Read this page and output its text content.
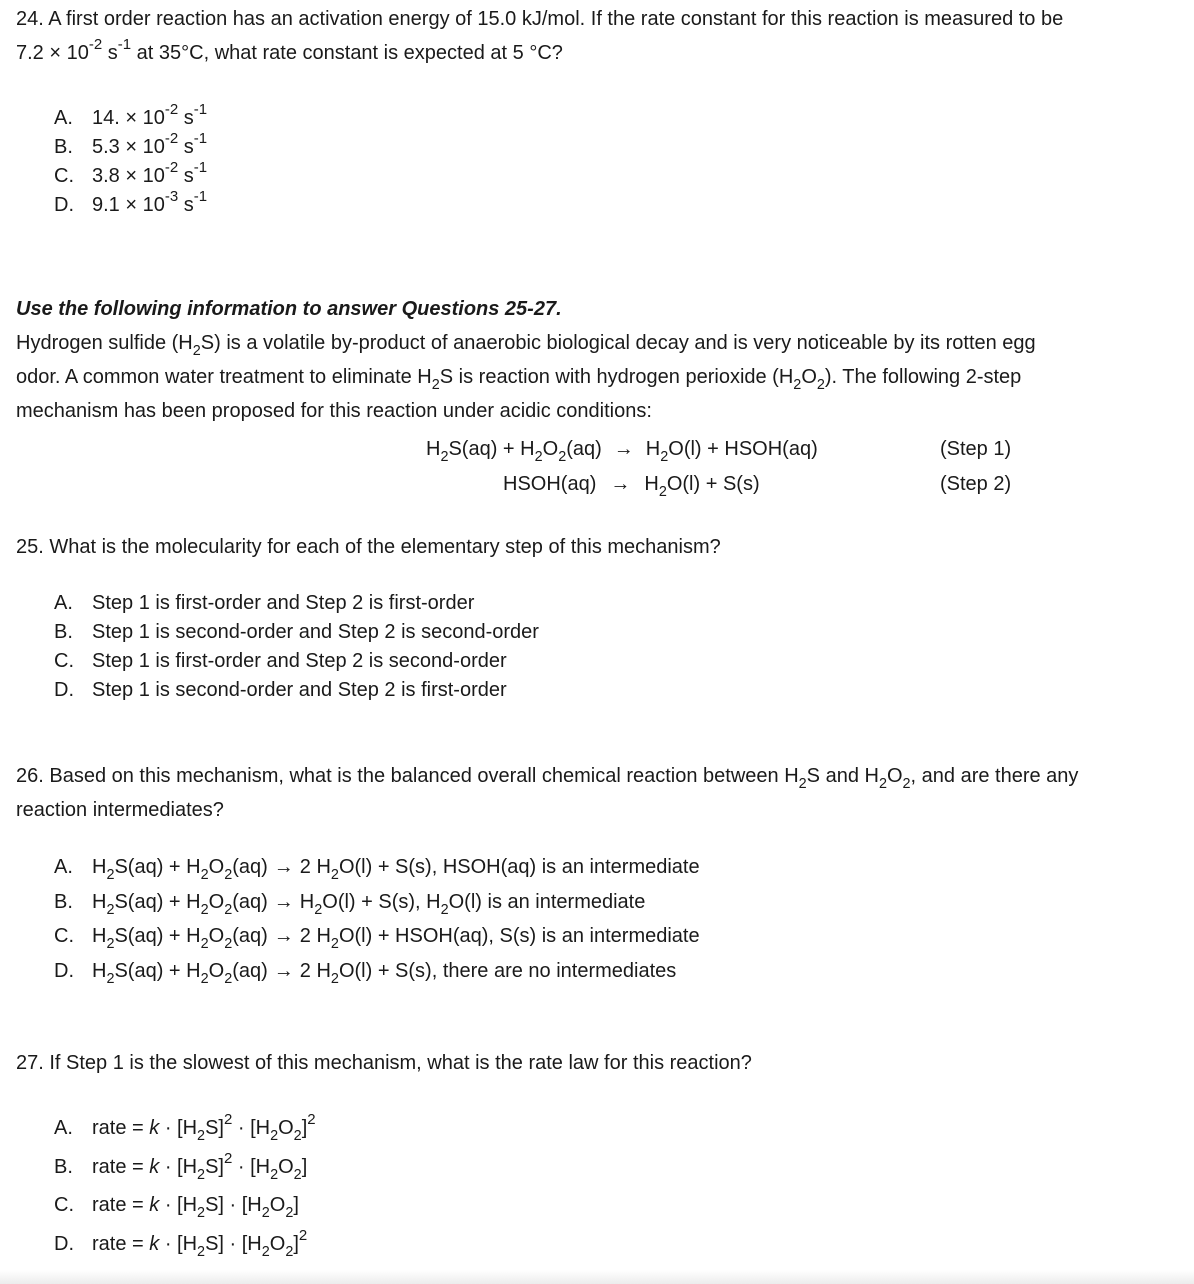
24. A first order reaction has an activation energy of 15.0 kJ/mol. If the rate constant for this reaction is measured to be
$7.2 \times 10^{-2}$ $s^{-1}$ at 35°C, what rate constant is expected at 5 °C?

A. 14. × $10^{-2}$ $s^{-1}$
B. $5.3 \times 10^{-2}$ $s^{-1}$
C. $3.8 \times 10^{-2}$ $s^{-1}$
D. $9.1 \times 10^{-3}$ $s^{-1}$

Use the following information to answer Questions 25-27.
Hydrogen sulfide $(H_2S)$ is a volatile by-product of anaerobic biological decay and is very noticeable by its rotten egg
odor. A common water treatment to eliminate $H_2S$ is reaction with hydrogen perioxide $(H_2O_2)$. The following 2-step
mechanism has been proposed for this reaction under acidic conditions:

$H_2S(aq) + H_2O_2(aq) \to H_2O(l)$ + HSOH(aq)	(Step 1)
HSOH(aq) → $H_2O(l) + S(s)$	(Step 2)

25. What is the molecularity for each of the elementary step of this mechanism?

A. Step 1 is first-order and Step 2 is first-order
B. Step 1 is second-order and Step 2 is second-order
C. Step 1 is first-order and Step 2 is second-order
D. Step 1 is second-order and Step 2 is first-order

26. Based on this mechanism, what is the balanced overall chemical reaction between $H_2S$ and $H_2O_2$, and are there any
reaction intermediates?

A. $H_2S(aq) + H_2O_2(aq) \to 2$ $H_2O(l) + S(s)$, HSOH(aq) is an intermediate
B. $H_2S(aq) + H_2O_2(aq) \to H_2O(l) + S(s)$, $H_2O(l)$ is an intermediate
C. $H_2S(aq) + H_2O_2(aq) \to 2$ $H_2O(l)$ + HSOH(aq), S(s) is an intermediate
D. $H_2S(aq) + H_2O_2(aq) \to 2$ $H_2O(l) + S(s)$, there are no intermediates

27. If Step 1 is the slowest of this mechanism, what is the rate law for this reaction?

A. rate = $k \cdot [H_2S]^2 \cdot [H_2O_2]^2$
B. rate = $k \cdot [H_2S]^2 \cdot [H_2O_2]$
C. rate = $k \cdot [H_2S] \cdot [H_2O_2]$
D. rate = $k \cdot [H_2S] \cdot [H_2O_2]^2$
